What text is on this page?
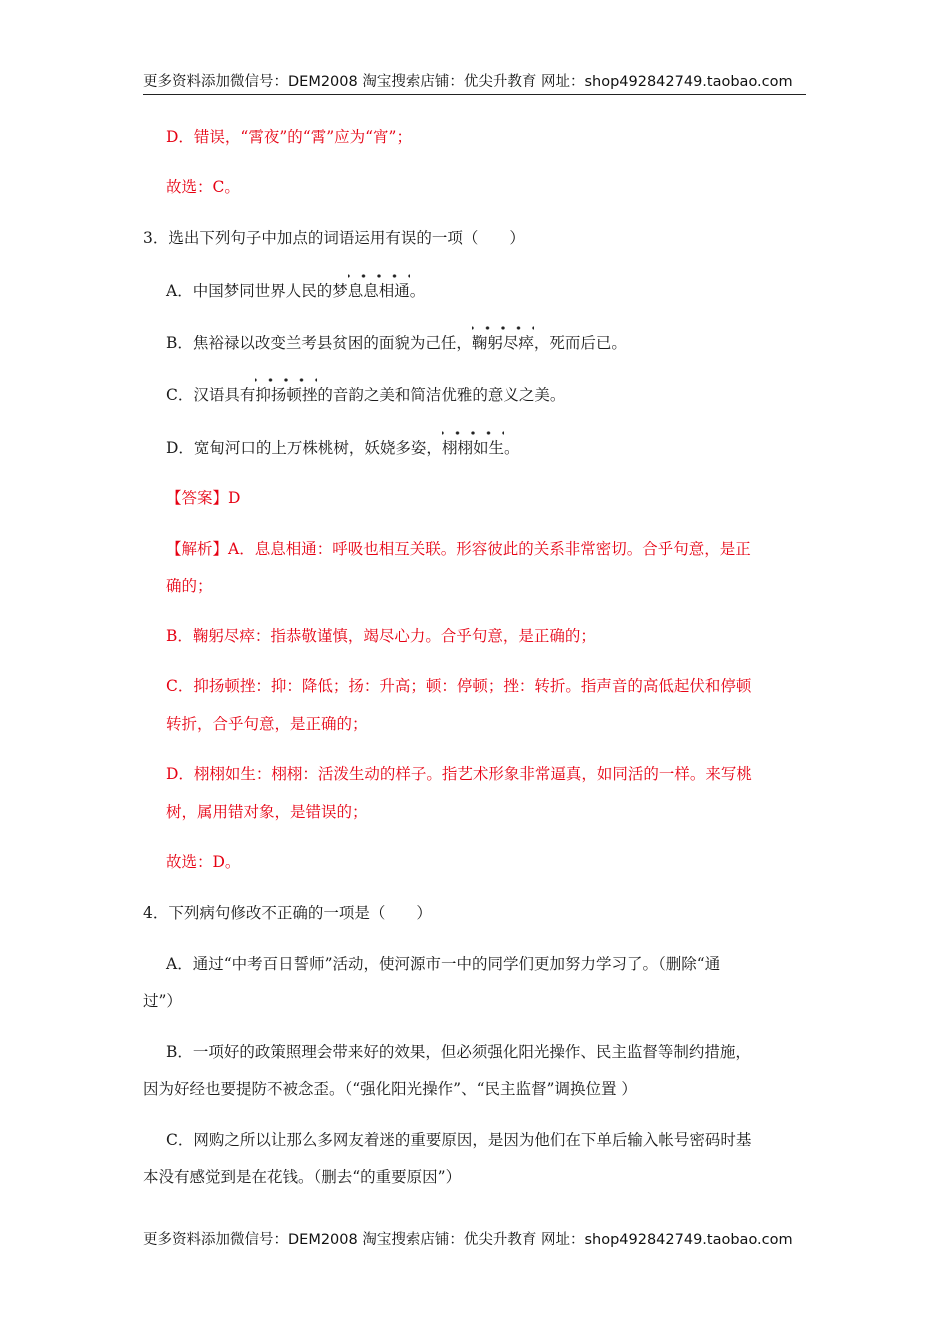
更多资料添加微信号：DEM2008 淘宝搜索店铺：优尖升教育 网址：shop492842749.taobao.com
D．错误，“霄夜”的“霄”应为“宵”；
故选：C。
3．选出下列句子中加点的词语运用有误的一项（　　）
A．中国梦同世界人民的梦息息相通。
B．焦裕禄以改变兰考县贫困的面貌为己任，鞠躬尽瘁，死而后已。
C．汉语具有抑扬顿挫的音韵之美和简洁优雅的意义之美。
D．宽甸河口的上万株桃树，妖娆多姿，栩栩如生。
【答案】D
【解析】A．息息相通：呼吸也相互关联。形容彼此的关系非常密切。合乎句意，是正
确的；
B．鞠躬尽瘁：指恭敬谨慎，竭尽心力。合乎句意，是正确的；
C．抑扬顿挫：抑：降低；扬：升高；顿：停顿；挫：转折。指声音的高低起伏和停顿
转折，合乎句意，是正确的；
D．栩栩如生：栩栩：活泼生动的样子。指艺术形象非常逼真，如同活的一样。来写桃
树，属用错对象，是错误的；
故选：D。
4．下列病句修改不正确的一项是（　　）
A．通过“中考百日誓师”活动，使河源市一中的同学们更加努力学习了。（删除“通
过”）
B．一项好的政策照理会带来好的效果，但必须强化阳光操作、民主监督等制约措施，
因为好经也要提防不被念歪。（“强化阳光操作”、“民主监督”调换位置 ）
C．网购之所以让那么多网友着迷的重要原因，是因为他们在下单后输入帐号密码时基
本没有感觉到是在花钱。（删去“的重要原因”）
更多资料添加微信号：DEM2008 淘宝搜索店铺：优尖升教育 网址：shop492842749.taobao.com
